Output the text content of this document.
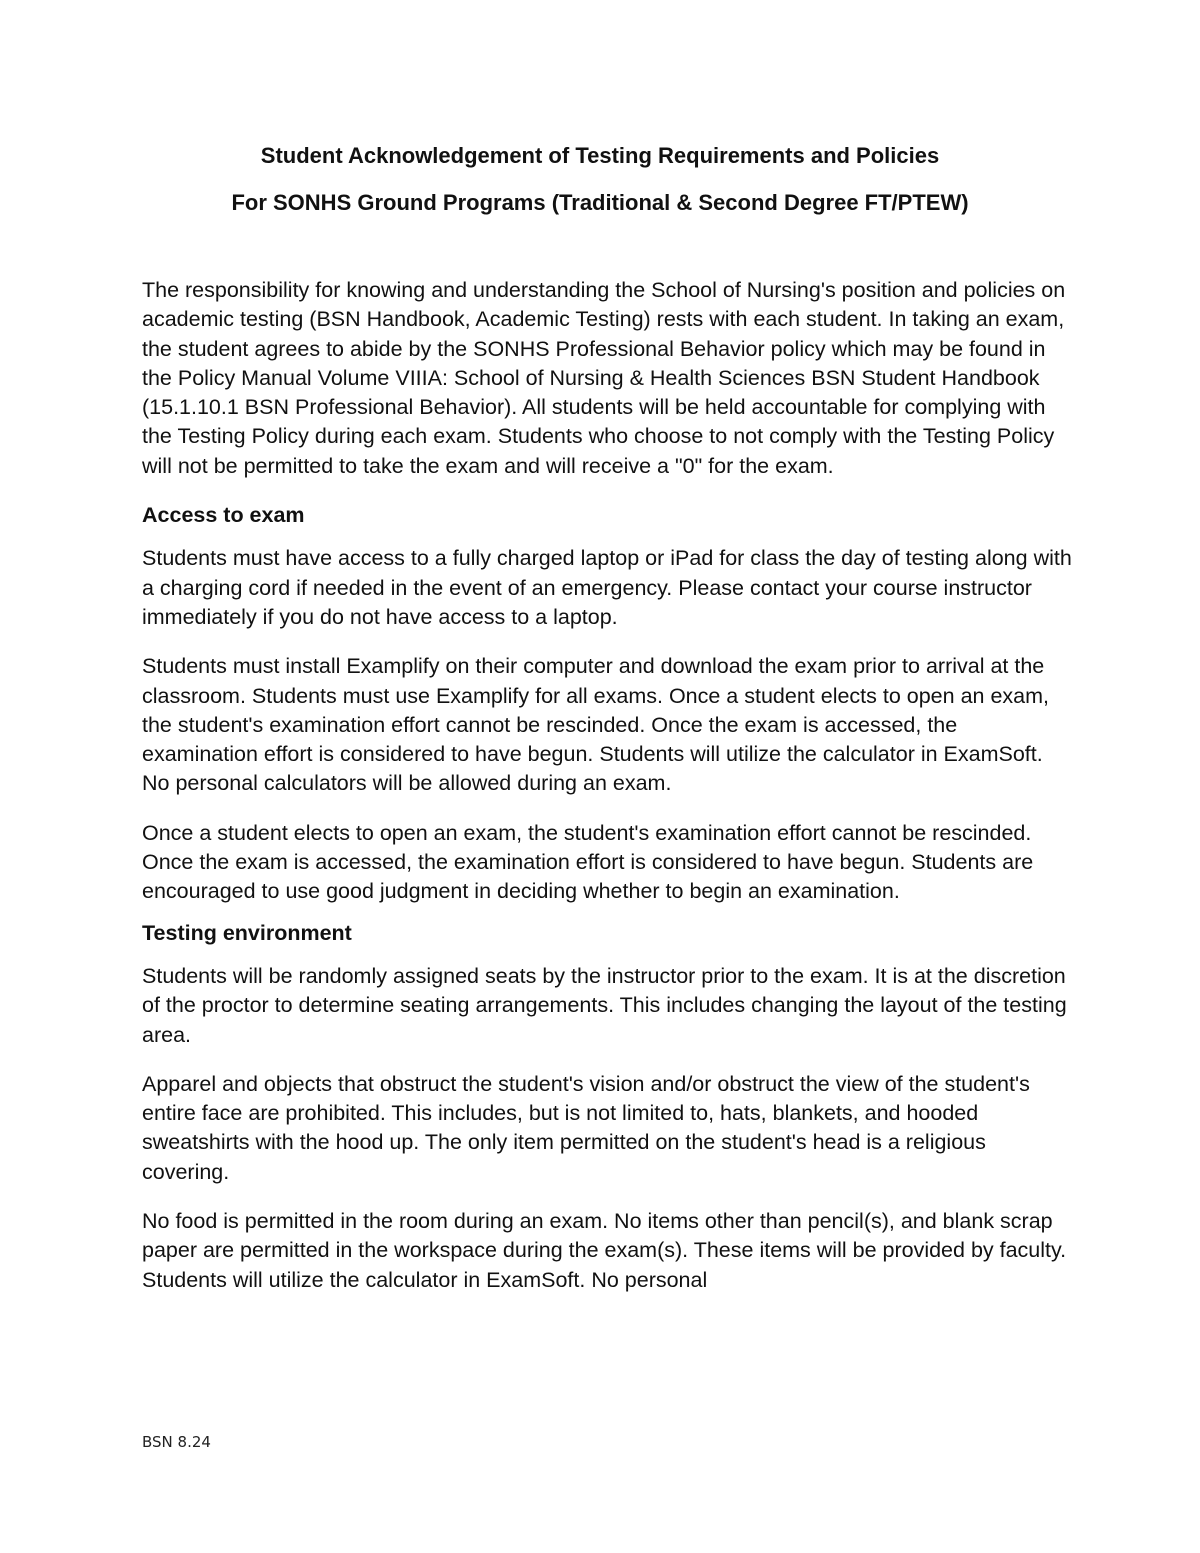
Student Acknowledgement of Testing Requirements and Policies

For SONHS Ground Programs (Traditional & Second Degree FT/PTEW)

The responsibility for knowing and understanding the School of Nursing's position and policies on academic testing (BSN Handbook, Academic Testing) rests with each student. In taking an exam, the student agrees to abide by the SONHS Professional Behavior policy which may be found in the Policy Manual Volume VIIIA: School of Nursing & Health Sciences BSN Student Handbook (15.1.10.1 BSN Professional Behavior). All students will be held accountable for complying with the Testing Policy during each exam. Students who choose to not comply with the Testing Policy will not be permitted to take the exam and will receive a "0" for the exam.

Access to exam

Students must have access to a fully charged laptop or iPad for class the day of testing along with a charging cord if needed in the event of an emergency. Please contact your course instructor immediately if you do not have access to a laptop.

Students must install Examplify on their computer and download the exam prior to arrival at the classroom. Students must use Examplify for all exams. Once a student elects to open an exam, the student's examination effort cannot be rescinded. Once the exam is accessed, the examination effort is considered to have begun. Students will utilize the calculator in ExamSoft. No personal calculators will be allowed during an exam.

Once a student elects to open an exam, the student's examination effort cannot be rescinded. Once the exam is accessed, the examination effort is considered to have begun. Students are encouraged to use good judgment in deciding whether to begin an examination.

Testing environment

Students will be randomly assigned seats by the instructor prior to the exam. It is at the discretion of the proctor to determine seating arrangements. This includes changing the layout of the testing area.

Apparel and objects that obstruct the student's vision and/or obstruct the view of the student's entire face are prohibited. This includes, but is not limited to, hats, blankets, and hooded sweatshirts with the hood up. The only item permitted on the student's head is a religious covering.

No food is permitted in the room during an exam. No items other than pencil(s), and blank scrap paper are permitted in the workspace during the exam(s). These items will be provided by faculty. Students will utilize the calculator in ExamSoft. No personal

BSN 8.24
